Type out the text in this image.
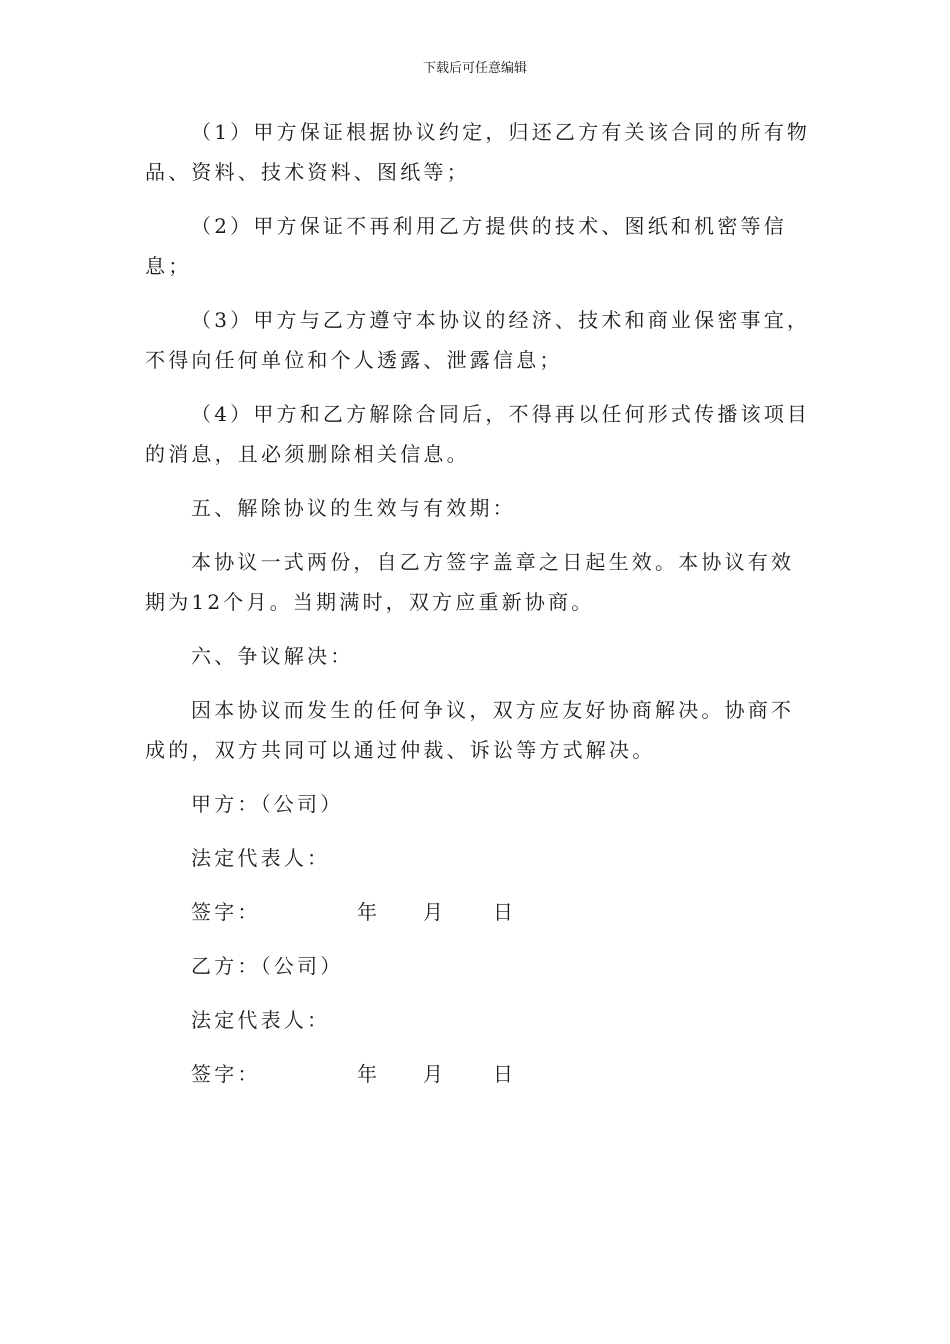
下载后可任意编辑

（1）甲方保证根据协议约定，归还乙方有关该合同的所有物品、资料、技术资料、图纸等；

（2）甲方保证不再利用乙方提供的技术、图纸和机密等信息；

（3）甲方与乙方遵守本协议的经济、技术和商业保密事宜，不得向任何单位和个人透露、泄露信息；

（4）甲方和乙方解除合同后，不得再以任何形式传播该项目的消息，且必须删除相关信息。

五、解除协议的生效与有效期：

本协议一式两份，自乙方签字盖章之日起生效。本协议有效期为12个月。当期满时，双方应重新协商。

六、争议解决：

因本协议而发生的任何争议，双方应友好协商解决。协商不成的，双方共同可以通过仲裁、诉讼等方式解决。

甲方：（公司）
法定代表人：
签字：	年 月 日
乙方：（公司）
法定代表人：
签字：	年 月 日
